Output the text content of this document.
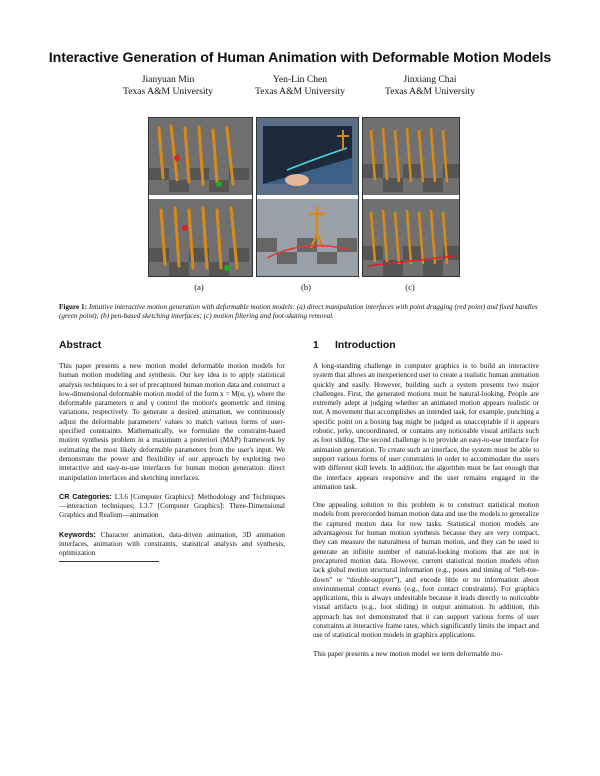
Interactive Generation of Human Animation with Deformable Motion Models
Jianyuan Min
Texas A&M University
Yen-Lin Chen
Texas A&M University
Jinxiang Chai
Texas A&M University
(a)	(b)	(c)
Figure 1: Intuitive interactive motion generation with deformable motion models: (a) direct manipulation interfaces with point dragging (red point) and fixed handles (green point); (b) pen-based sketching interfaces; (c) motion filtering and foot-skating removal.
Abstract

This paper presents a new motion model deformable motion models for human motion modeling and synthesis. Our key idea is to apply statistical analysis techniques to a set of precaptured human motion data and construct a low-dimensional deformable motion model of the form x = M(α, γ), where the deformable parameters α and γ control the motion's geometric and timing variations, respectively. To generate a desired animation, we continuously adjust the deformable parameters' values to match various forms of user-specified constraints. Mathematically, we formulate the constraint-based motion synthesis problem in a maximum a posteriori (MAP) framework by estimating the most likely deformable parameters from the user's input. We demonstrate the power and flexibility of our approach by exploring two interactive and easy-to-use interfaces for human motion generation: direct manipulation interfaces and sketching interfaces.

CR Categories: I.3.6 [Computer Graphics]: Methodology and Techniques—interaction techniques; I.3.7 [Computer Graphics]: Three-Dimensional Graphics and Realism—animation

Keywords: Character animation, data-driven animation, 3D animation interfaces, animation with constraints, statistical analysis and synthesis, optimization

1 Introduction

A long-standing challenge in computer graphics is to build an interactive system that allows an inexperienced user to create a realistic human animation quickly and easily. However, building such a system presents two major challenges. First, the generated motions must be natural-looking. People are extremely adept at judging whether an animated motion appears realistic or not. A movement that accomplishes an intended task, for example, punching a specific point on a boxing bag might be judged as unacceptable if it appears robotic, jerky, uncoordinated, or contains any noticeable visual artifacts such as foot sliding. The second challenge is to provide an easy-to-use interface for animation generation. To create such an interface, the system must be able to support various forms of user constraints in order to accommodate the users with different skill levels. In addition, the algorithm must be fast enough that the interface appears responsive and the user remains engaged in the animation task.

One appealing solution to this problem is to construct statistical motion models from prerecorded human motion data and use the models to generalize the captured motion data for new tasks. Statistical motion models are advantageous for human motion synthesis because they are very compact, they can measure the naturalness of human motion, and they can be used to generate an infinite number of natural-looking motions that are not in precaptured motion data. However, current statistical motion models often lack global motion structural information (e.g., poses and timing of “left-toe-down” or “double-support”), and encode little or no information about environmental contact events (e.g., foot contact constraints). For graphics applications, this is always undesirable because it leads directly to noticeable visual artifacts (e.g., foot sliding) in output animation. In addition, this approach has not demonstrated that it can support various forms of user constraints at interactive frame rates, which significantly limits the impact and use of statistical motion models in graphics applications.

This paper presents a new motion model we term deformable mo-
